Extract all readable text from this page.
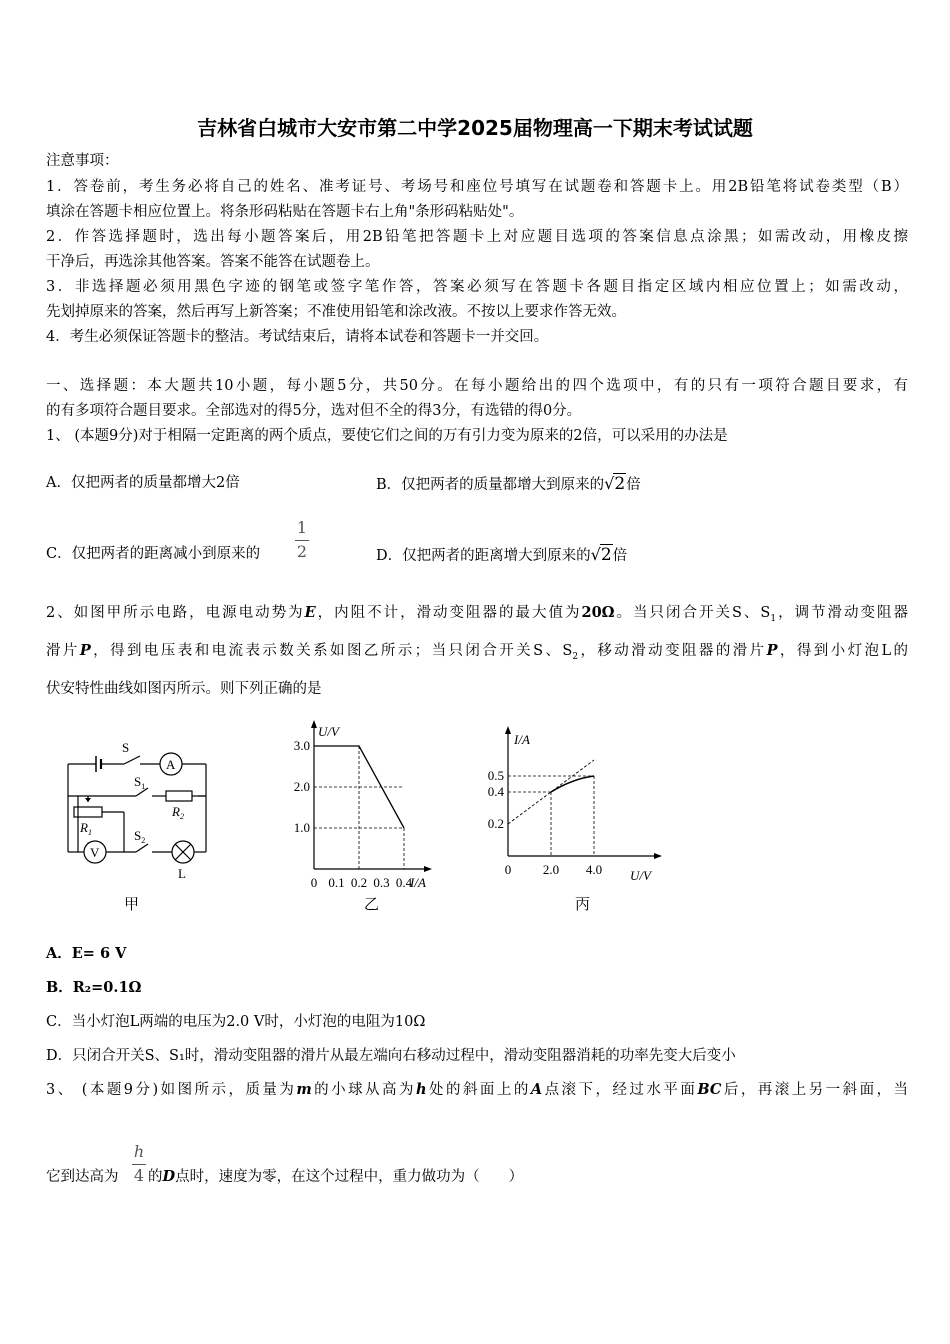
吉林省白城市大安市第二中学2025届物理高一下期末考试试题
注意事项：
1．答卷前，考生务必将自己的姓名、准考证号、考场号和座位号填写在试题卷和答题卡上。用2B铅笔将试卷类型（B）
填涂在答题卡相应位置上。将条形码粘贴在答题卡右上角"条形码粘贴处"。
2．作答选择题时，选出每小题答案后，用2B铅笔把答题卡上对应题目选项的答案信息点涂黑；如需改动，用橡皮擦
干净后，再选涂其他答案。答案不能答在试题卷上。
3．非选择题必须用黑色字迹的钢笔或签字笔作答，答案必须写在答题卡各题目指定区域内相应位置上；如需改动，
先划掉原来的答案，然后再写上新答案；不准使用铅笔和涂改液。不按以上要求作答无效。
4．考生必须保证答题卡的整洁。考试结束后，请将本试卷和答题卡一并交回。
一、选择题：本大题共10小题，每小题5分，共50分。在每小题给出的四个选项中，有的只有一项符合题目要求，有
的有多项符合题目要求。全部选对的得5分，选对但不全的得3分，有选错的得0分。
1、 (本题9分)对于相隔一定距离的两个质点，要使它们之间的万有引力变为原来的2倍，可以采用的办法是
A．仅把两者的质量都增大2倍	B．仅把两者的质量都增大到原来的√2倍
C．仅把两者的距离减小到原来的
1
2	D．仅把两者的距离增大到原来的√2倍
2、如图甲所示电路，电源电动势为E，内阻不计，滑动变阻器的最大值为20Ω。当只闭合开关S、$S_1$，调节滑动变阻器
滑片P，得到电压表和电流表示数关系如图乙所示；当只闭合开关S、$S_2$，移动滑动变阻器的滑片P，得到小灯泡L的
伏安特性曲线如图丙所示。则下列正确的是
S
A
$S_1$
$R_2$
$R_1$	$S_2$
V
L
甲
U/V
I/A
0 0.1 0.2 0.3 0.4
1.0
2.0
3.0
乙
I/A
U/V
0 2.0 4.0
0.2
0.4
0.5
丙
A．E= 6 V
B．R₂=0.1Ω
C．当小灯泡L两端的电压为2.0 V时，小灯泡的电阻为10Ω
D．只闭合开关S、S₁时，滑动变阻器的滑片从最左端向右移动过程中，滑动变阻器消耗的功率先变大后变小
3、 (本题9分)如图所示，质量为m的小球从高为h处的斜面上的A点滚下，经过水平面BC后，再滚上另一斜面，当
h
4
它到达高为 的D点时，速度为零，在这个过程中，重力做功为（　　）
